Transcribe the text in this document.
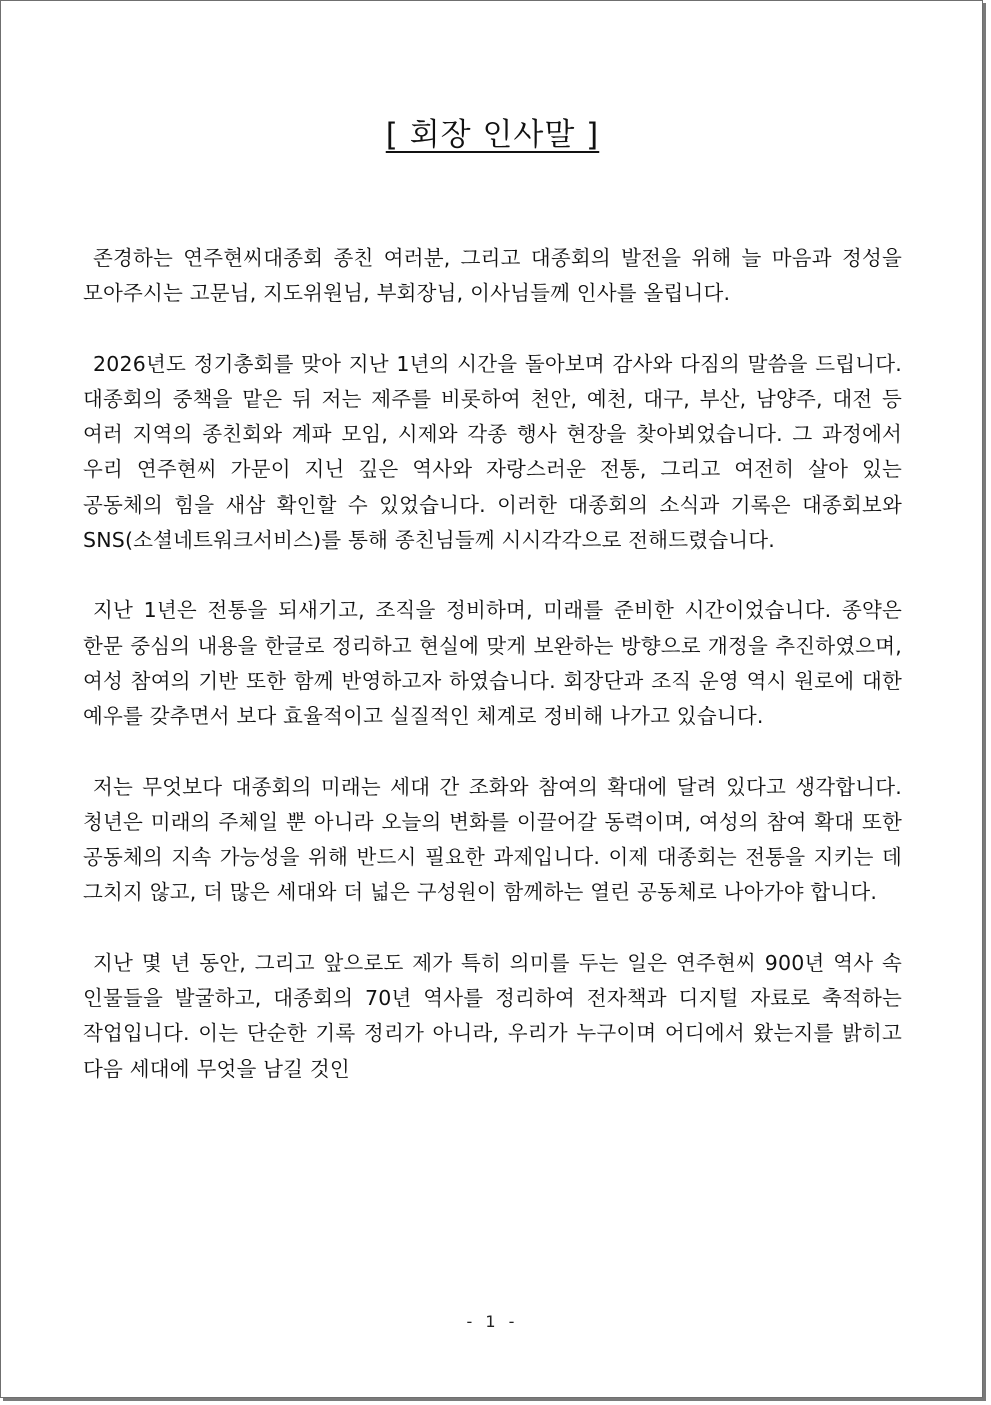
[ 회장 인사말 ]

존경하는 연주현씨대종회 종친 여러분, 그리고 대종회의 발전을 위해 늘 마음과 정성을 모아주시는 고문님, 지도위원님, 부회장님, 이사님들께 인사를 올립니다.

2026년도 정기총회를 맞아 지난 1년의 시간을 돌아보며 감사와 다짐의 말씀을 드립니다. 대종회의 중책을 맡은 뒤 저는 제주를 비롯하여 천안, 예천, 대구, 부산, 남양주, 대전 등 여러 지역의 종친회와 계파 모임, 시제와 각종 행사 현장을 찾아뵈었습니다. 그 과정에서 우리 연주현씨 가문이 지닌 깊은 역사와 자랑스러운 전통, 그리고 여전히 살아 있는 공동체의 힘을 새삼 확인할 수 있었습니다. 이러한 대종회의 소식과 기록은 대종회보와 SNS(소셜네트워크서비스)를 통해 종친님들께 시시각각으로 전해드렸습니다.

지난 1년은 전통을 되새기고, 조직을 정비하며, 미래를 준비한 시간이었습니다. 종약은 한문 중심의 내용을 한글로 정리하고 현실에 맞게 보완하는 방향으로 개정을 추진하였으며, 여성 참여의 기반 또한 함께 반영하고자 하였습니다. 회장단과 조직 운영 역시 원로에 대한 예우를 갖추면서 보다 효율적이고 실질적인 체계로 정비해 나가고 있습니다.

저는 무엇보다 대종회의 미래는 세대 간 조화와 참여의 확대에 달려 있다고 생각합니다. 청년은 미래의 주체일 뿐 아니라 오늘의 변화를 이끌어갈 동력이며, 여성의 참여 확대 또한 공동체의 지속 가능성을 위해 반드시 필요한 과제입니다. 이제 대종회는 전통을 지키는 데 그치지 않고, 더 많은 세대와 더 넓은 구성원이 함께하는 열린 공동체로 나아가야 합니다.

지난 몇 년 동안, 그리고 앞으로도 제가 특히 의미를 두는 일은 연주현씨 900년 역사 속 인물들을 발굴하고, 대종회의 70년 역사를 정리하여 전자책과 디지털 자료로 축적하는 작업입니다. 이는 단순한 기록 정리가 아니라, 우리가 누구이며 어디에서 왔는지를 밝히고 다음 세대에 무엇을 남길 것인

- 1 -
